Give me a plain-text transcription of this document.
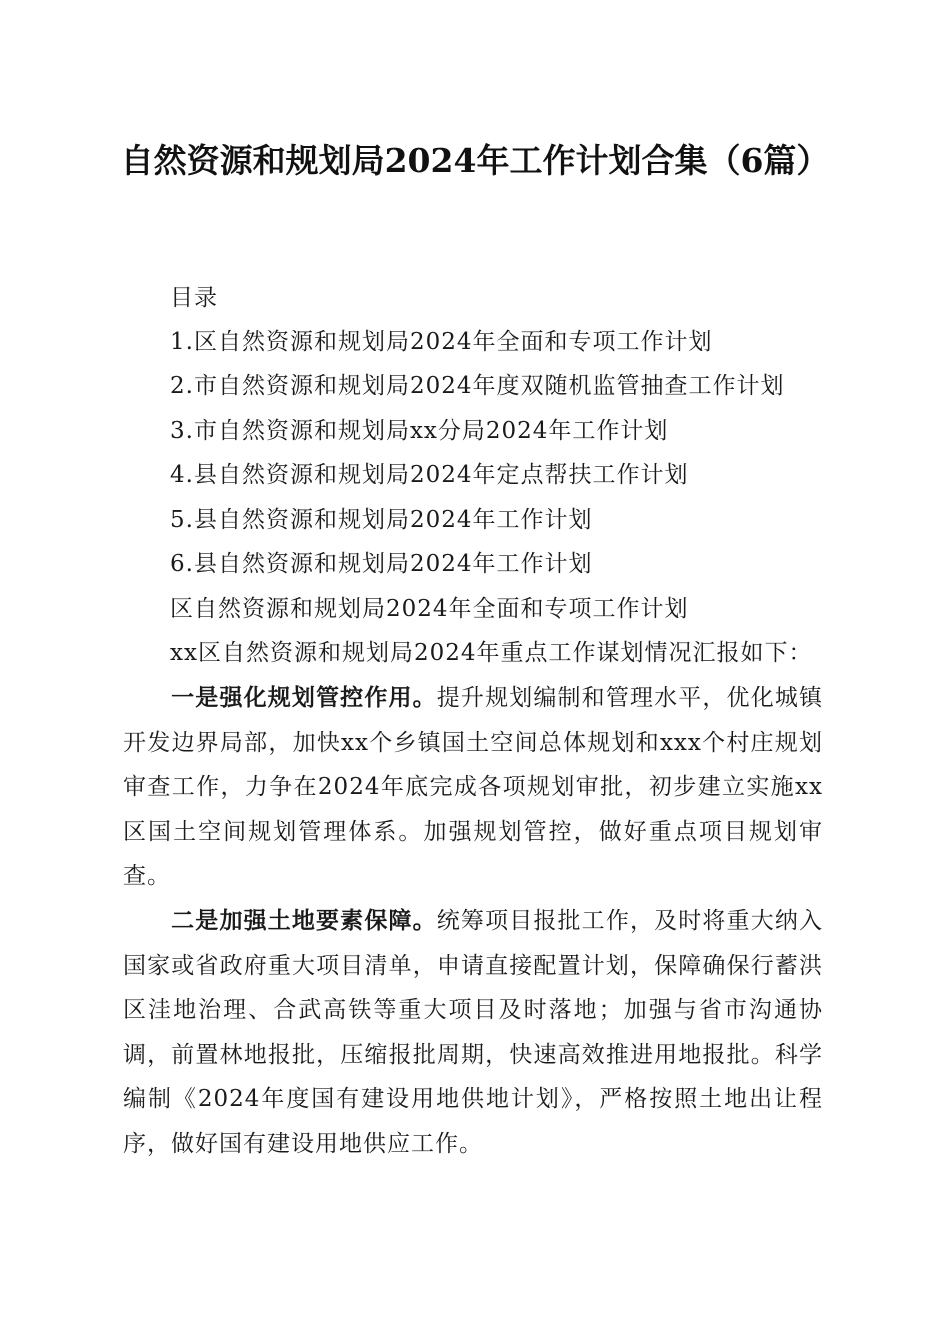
自然资源和规划局2024年工作计划合集（6篇）
目录
1.区自然资源和规划局2024年全面和专项工作计划
2.市自然资源和规划局2024年度双随机监管抽查工作计划
3.市自然资源和规划局xx分局2024年工作计划
4.县自然资源和规划局2024年定点帮扶工作计划
5.县自然资源和规划局2024年工作计划
6.县自然资源和规划局2024年工作计划
区自然资源和规划局2024年全面和专项工作计划
xx区自然资源和规划局2024年重点工作谋划情况汇报如下：
一是强化规划管控作用。提升规划编制和管理水平，优化城镇开发边界局部，加快xx个乡镇国土空间总体规划和xxx个村庄规划审查工作，力争在2024年底完成各项规划审批，初步建立实施xx区国土空间规划管理体系。加强规划管控，做好重点项目规划审查。
二是加强土地要素保障。统筹项目报批工作，及时将重大纳入国家或省政府重大项目清单，申请直接配置计划，保障确保行蓄洪区洼地治理、合武高铁等重大项目及时落地；加强与省市沟通协调，前置林地报批，压缩报批周期，快速高效推进用地报批。科学编制《2024年度国有建设用地供地计划》，严格按照土地出让程序，做好国有建设用地供应工作。
